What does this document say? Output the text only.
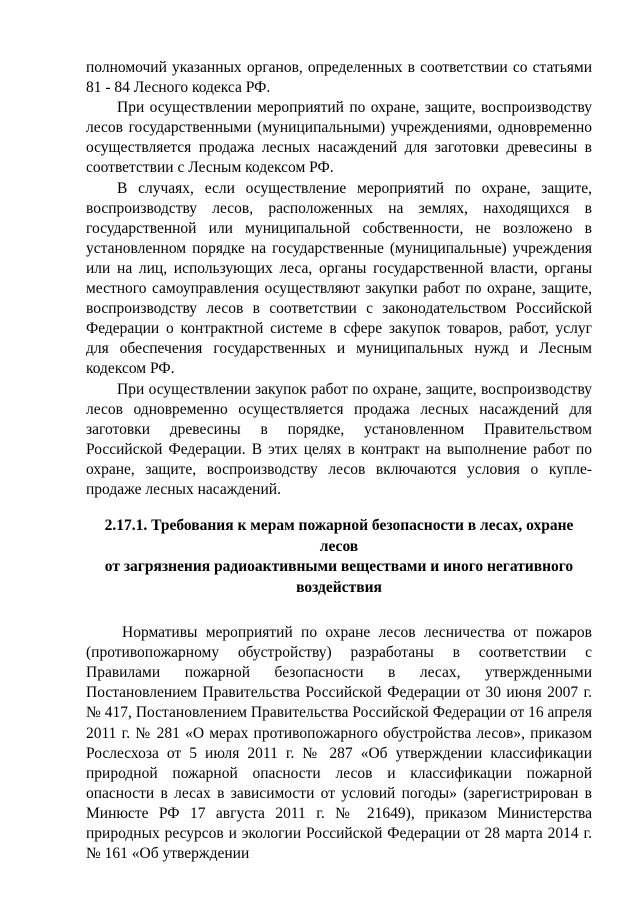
полномочий указанных органов, определенных в соответствии со статьями 81 - 84 Лесного кодекса РФ.

При осуществлении мероприятий по охране, защите, воспроизводству лесов государственными (муниципальными) учреждениями, одновременно осуществляется продажа лесных насаждений для заготовки древесины в соответствии с Лесным кодексом РФ.

В случаях, если осуществление мероприятий по охране, защите, воспроизводству лесов, расположенных на землях, находящихся в государственной или муниципальной собственности, не возложено в установленном порядке на государственные (муниципальные) учреждения или на лиц, использующих леса, органы государственной власти, органы местного самоуправления осуществляют закупки работ по охране, защите, воспроизводству лесов в соответствии с законодательством Российской Федерации о контрактной системе в сфере закупок товаров, работ, услуг для обеспечения государственных и муниципальных нужд и Лесным кодексом РФ.

При осуществлении закупок работ по охране, защите, воспроизводству лесов одновременно осуществляется продажа лесных насаждений для заготовки древесины в порядке, установленном Правительством Российской Федерации. В этих целях в контракт на выполнение работ по охране, защите, воспроизводству лесов включаются условия о купле-продаже лесных насаждений.

2.17.1. Требования к мерам пожарной безопасности в лесах, охране лесов
от загрязнения радиоактивными веществами и иного негативного
воздействия

Нормативы мероприятий по охране лесов лесничества от пожаров (противопожарному обустройству) разработаны в соответствии с Правилами пожарной безопасности в лесах, утвержденными Постановлением Правительства Российской Федерации от 30 июня 2007 г. № 417, Постановлением Правительства Российской Федерации от 16 апреля 2011 г. № 281 «О мерах противопожарного обустройства лесов», приказом Рослесхоза от 5 июля 2011 г. № 287 «Об утверждении классификации природной пожарной опасности лесов и классификации пожарной опасности в лесах в зависимости от условий погоды» (зарегистрирован в Минюсте РФ 17 августа 2011 г. № 21649), приказом Министерства природных ресурсов и экологии Российской Федерации от 28 марта 2014 г. № 161 «Об утверждении
